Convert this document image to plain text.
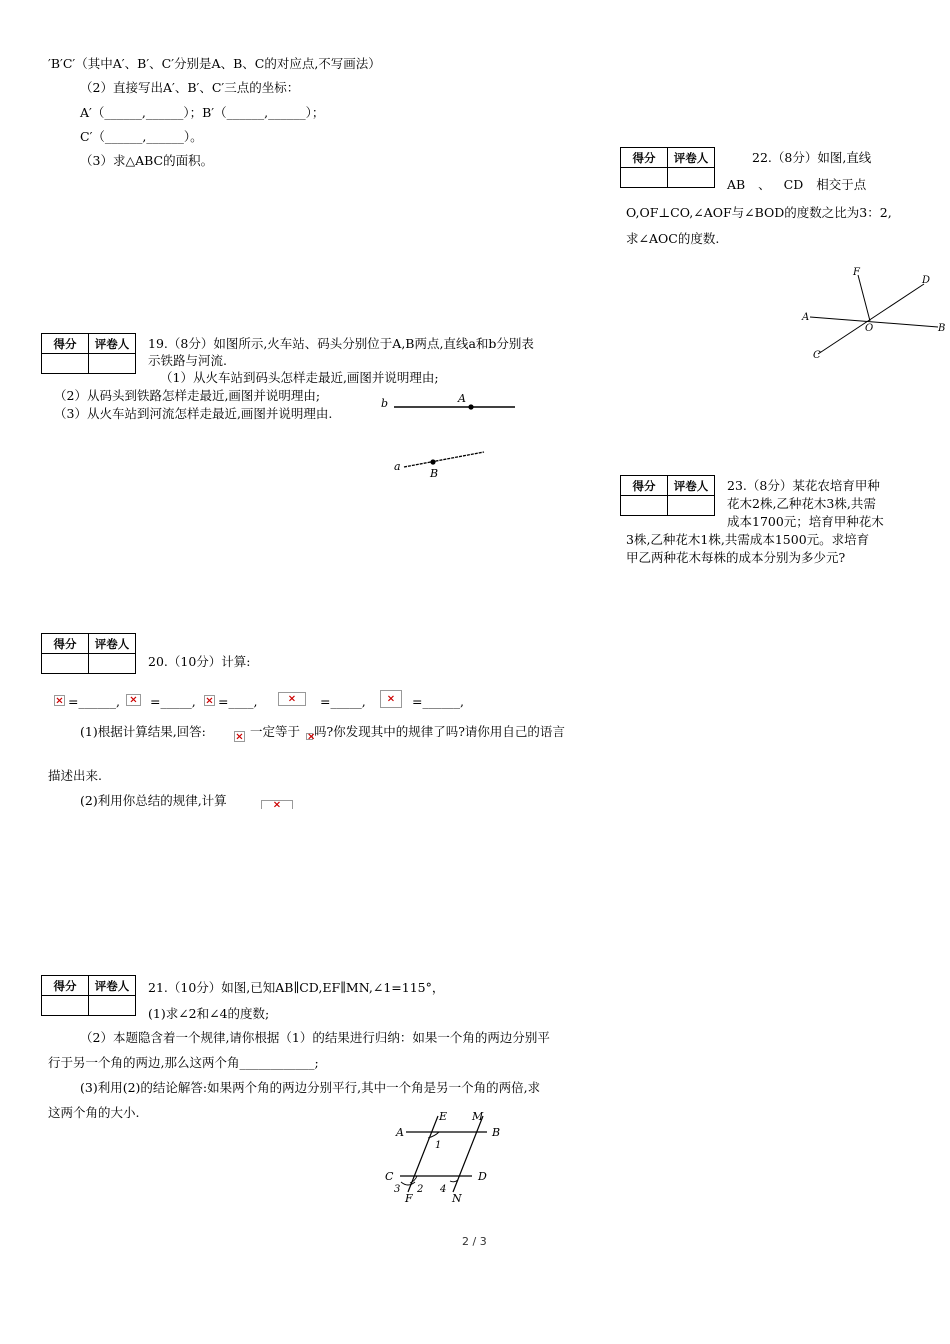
′B′C′（其中A′、B′、C′分别是A、B、C的对应点,不写画法）
（2）直接写出A′、B′、C′三点的坐标：
A′（______,______）；B′（______,______）；
C′（______,______）。
（3）求△ABC的面积。	得分	评卷人
		22.（8分）如图,直线
AB 、 CD 相交于点
O,OF⊥CO,∠AOF与∠BOD的度数之比为3：2,
求∠AOC的度数.
F
D
A
O	B
C
得分	评卷人
	19.（8分）如图所示,火车站、码头分别位于A,B两点,直线a和b分别表
示铁路与河流.
（1）从火车站到码头怎样走最近,画图并说明理由;
（2）从码头到铁路怎样走最近,画图并说明理由;
（3）从火车站到河流怎样走最近,画图并说明理由.
b	A
a
B
得分	评卷人
	23.（8分）某花农培育甲种
花木2株,乙种花木3株,共需
成本1700元；培育甲种花木
3株,乙种花木1株,共需成本1500元。求培育
甲乙两种花木每株的成本分别为多少元?
得分	评卷人

20.（10分）计算:
×
=______, × =_____, × =____, ×	=_____, ×	=______,
(1)根据计算结果,回答: ×	一定等于 × 吗?你发现其中的规律了吗?请你用自己的语言
描述出来.
(2)利用你总结的规律,计算
×
得分	评卷人
	21.（10分）如图,已知AB∥CD,EF∥MN,∠1=115°，
(1)求∠2和∠4的度数;
（2）本题隐含着一个规律,请你根据（1）的结果进行归纳：如果一个角的两边分别平
行于另一个角的两边,那么这两个角____________;
(3)利用(2)的结论解答:如果两个角的两边分别平行,其中一个角是另一个角的两倍,求
这两个角的大小.
A
E M
B
1
C	D
3 2 4
F	N
2 / 3
